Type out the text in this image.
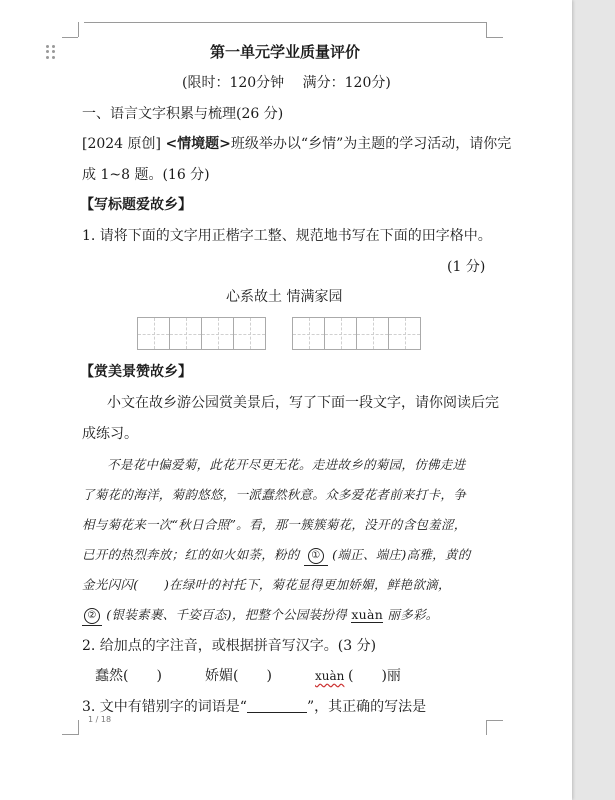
第一单元学业质量评价
(限时：120分钟　 满分：120分)
一、语言文字积累与梳理(26 分)
[2024 原创] <情境题>班级举办以“乡情”为主题的学习活动，请你完
成 1~8 题。(16 分)
【写标题爱故乡】
1. 请将下面的文字用正楷字工整、规范地书写在下面的田字格中。
(1 分)
心系故土 情满家园
【赏美景赞故乡】
小文在故乡游公园赏美景后，写了下面一段文字，请你阅读后完
成练习。
不是花中偏爱菊，此花开尽更无花。走进故乡的菊园，仿佛走进
了菊花的海洋，菊韵悠悠，一派蠢然秋意。众多爱花者前来打卡，争
相与菊花来一次“秋日合照”。看，那一簇簇菊花，没开的含包羞涩，
已开的热烈奔放；红的如火如荼，粉的 ① (端正、端庄)高雅，黄的
金光闪闪(　　)在绿叶的衬托下，菊花显得更加娇媚，鲜艳欲滴，
② (银装素裹、千姿百态)，把整个公园装扮得 xuàn 丽多彩。
2. 给加点的字注音，或根据拼音写汉字。(3 分)
蠢然(　　)	娇媚(　　)	xuàn (　　)丽
3. 文中有错别字的词语是“	”，其正确的写法是
1 / 18
